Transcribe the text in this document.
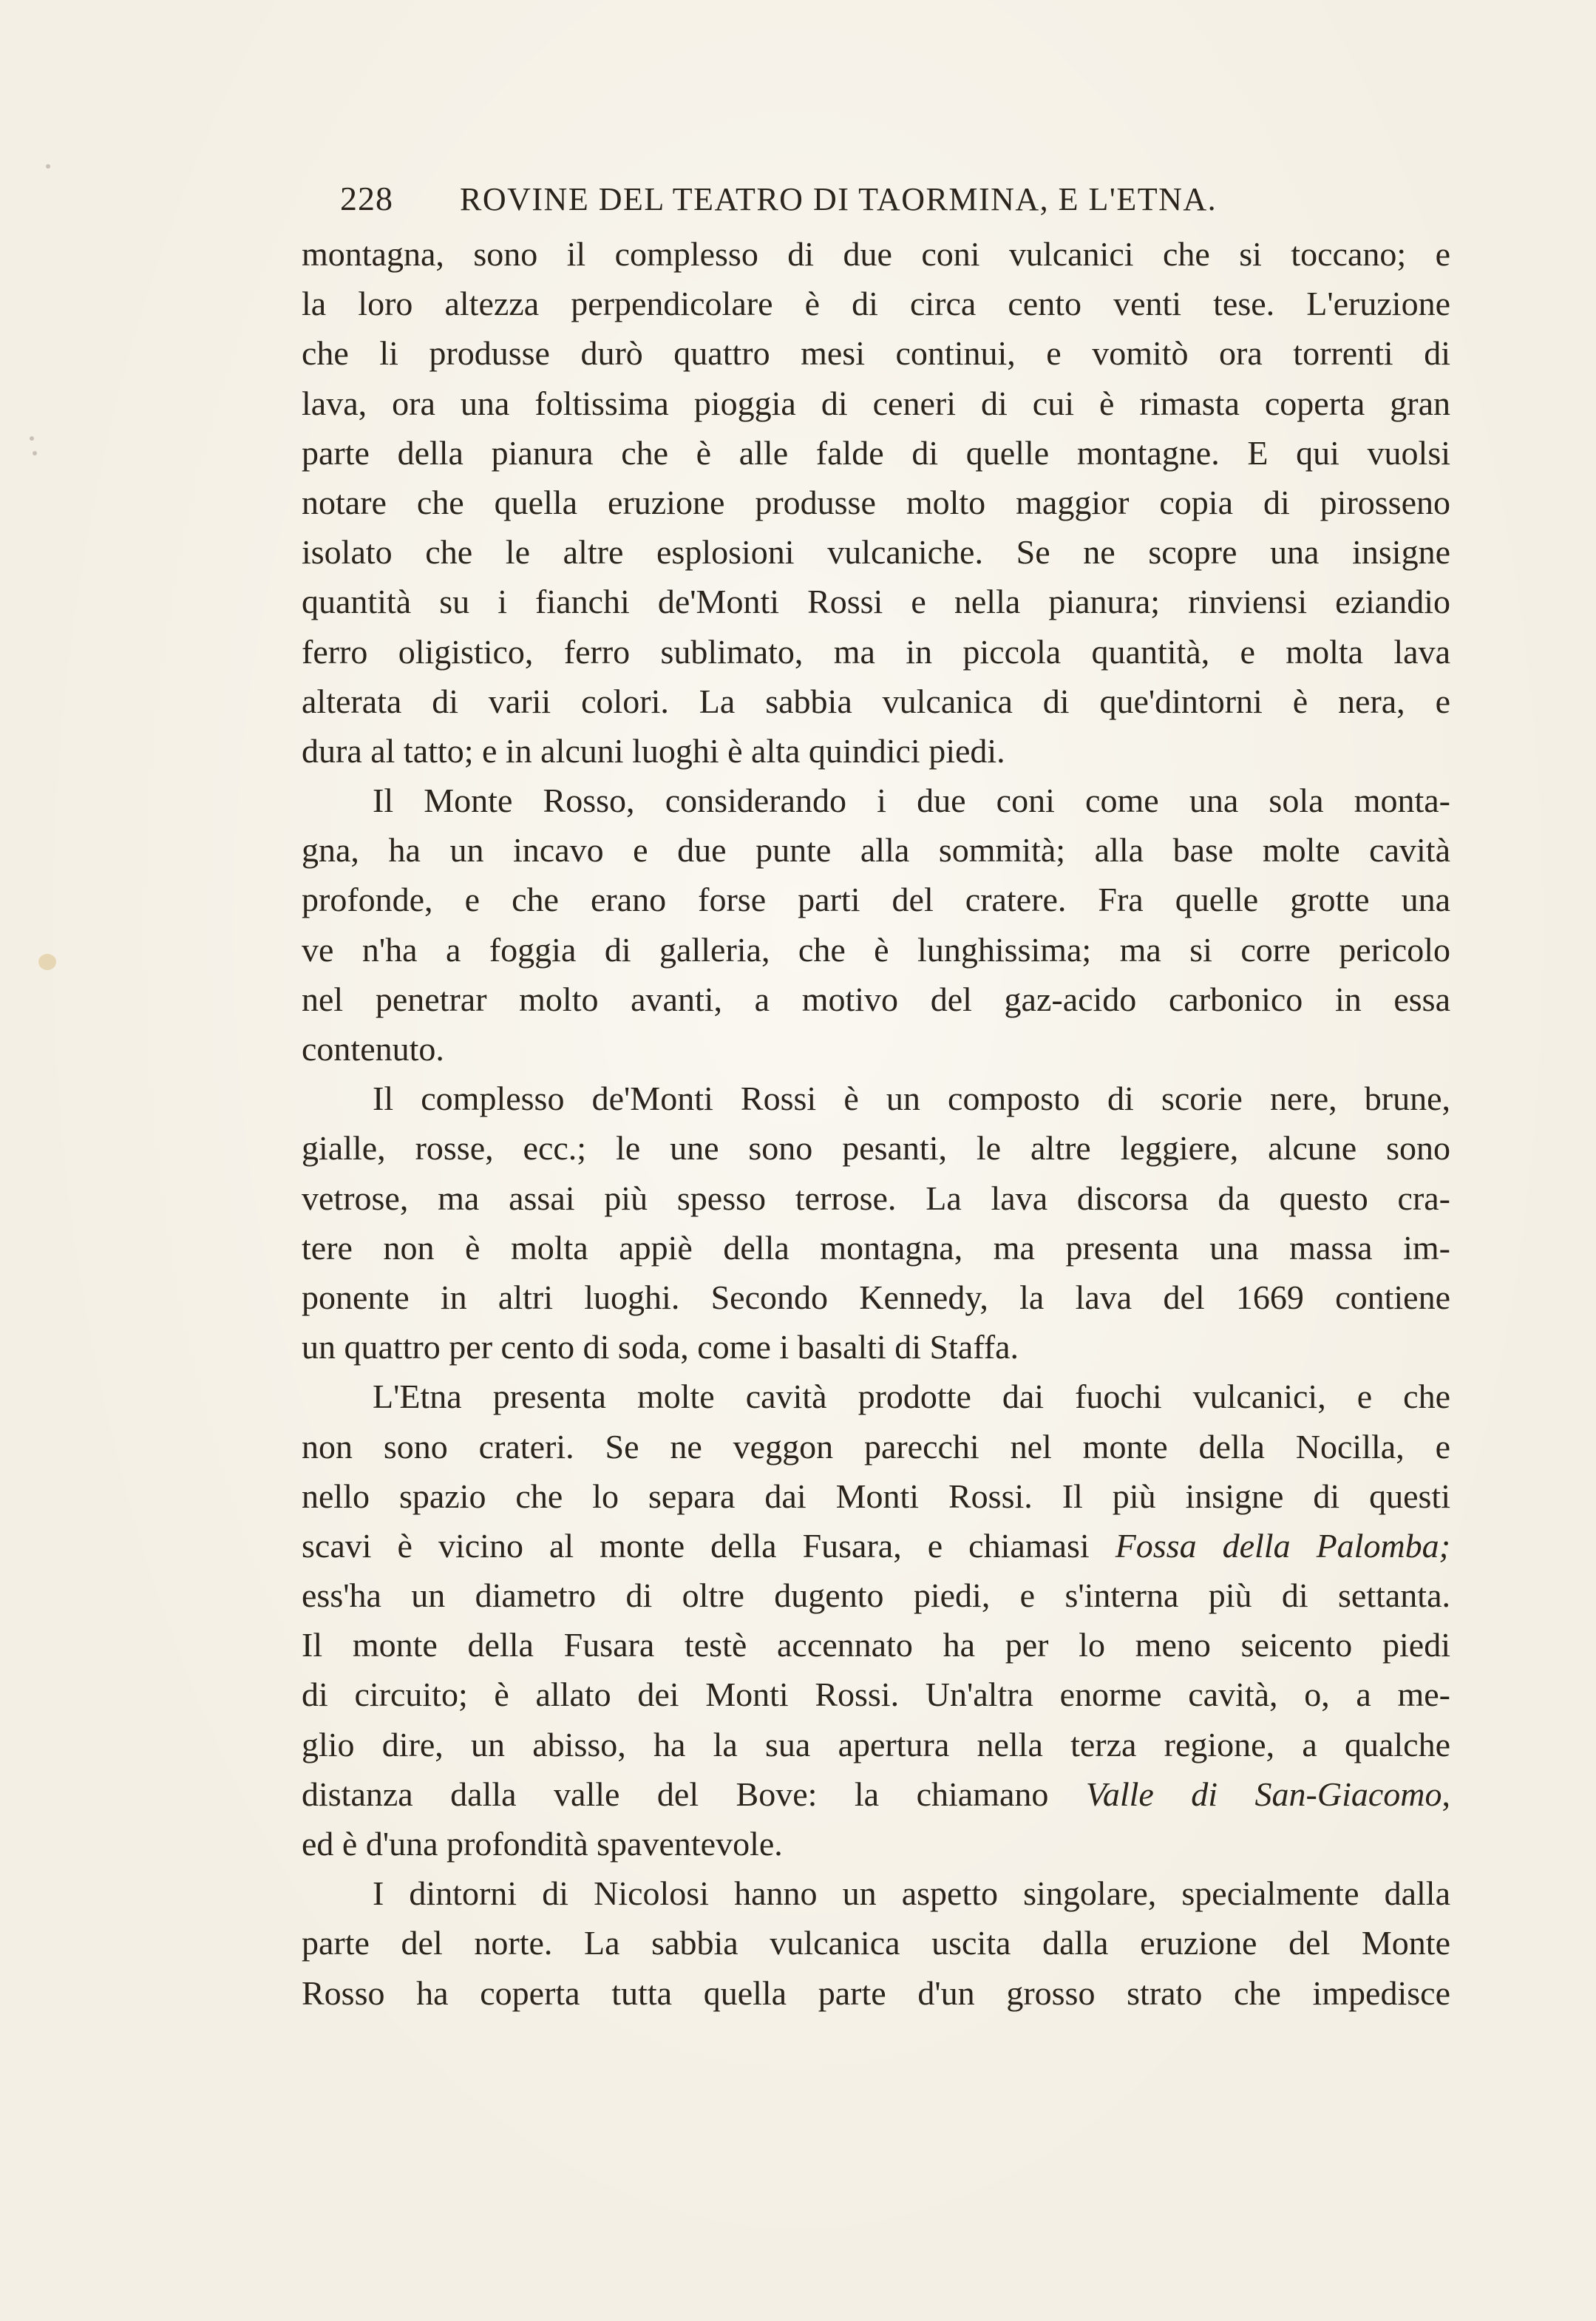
228 ROVINE DEL TEATRO DI TAORMINA, E L'ETNA.
montagna, sono il complesso di due coni vulcanici che si toccano; e
la loro altezza perpendicolare è di circa cento venti tese. L'eruzione
che li produsse durò quattro mesi continui, e vomitò ora torrenti di
lava, ora una foltissima pioggia di ceneri di cui è rimasta coperta gran
parte della pianura che è alle falde di quelle montagne. E qui vuolsi
notare che quella eruzione produsse molto maggior copia di pirosseno
isolato che le altre esplosioni vulcaniche. Se ne scopre una insigne
quantità su i fianchi de'Monti Rossi e nella pianura; rinviensi eziandio
ferro oligistico, ferro sublimato, ma in piccola quantità, e molta lava
alterata di varii colori. La sabbia vulcanica di que'dintorni è nera, e
dura al tatto; e in alcuni luoghi è alta quindici piedi.
Il Monte Rosso, considerando i due coni come una sola monta-
gna, ha un incavo e due punte alla sommità; alla base molte cavità
profonde, e che erano forse parti del cratere. Fra quelle grotte una
ve n'ha a foggia di galleria, che è lunghissima; ma si corre pericolo
nel penetrar molto avanti, a motivo del gaz-acido carbonico in essa
contenuto.
Il complesso de'Monti Rossi è un composto di scorie nere, brune,
gialle, rosse, ecc.; le une sono pesanti, le altre leggiere, alcune sono
vetrose, ma assai più spesso terrose. La lava discorsa da questo cra-
tere non è molta appiè della montagna, ma presenta una massa im-
ponente in altri luoghi. Secondo Kennedy, la lava del 1669 contiene
un quattro per cento di soda, come i basalti di Staffa.
L'Etna presenta molte cavità prodotte dai fuochi vulcanici, e che
non sono crateri. Se ne veggon parecchi nel monte della Nocilla, e
nello spazio che lo separa dai Monti Rossi. Il più insigne di questi
scavi è vicino al monte della Fusara, e chiamasi Fossa della Palomba;
ess'ha un diametro di oltre dugento piedi, e s'interna più di settanta.
Il monte della Fusara testè accennato ha per lo meno seicento piedi
di circuito; è allato dei Monti Rossi. Un'altra enorme cavità, o, a me-
glio dire, un abisso, ha la sua apertura nella terza regione, a qualche
distanza dalla valle del Bove: la chiamano Valle di San-Giacomo,
ed è d'una profondità spaventevole.
I dintorni di Nicolosi hanno un aspetto singolare, specialmente dalla
parte del norte. La sabbia vulcanica uscita dalla eruzione del Monte
Rosso ha coperta tutta quella parte d'un grosso strato che impedisce
